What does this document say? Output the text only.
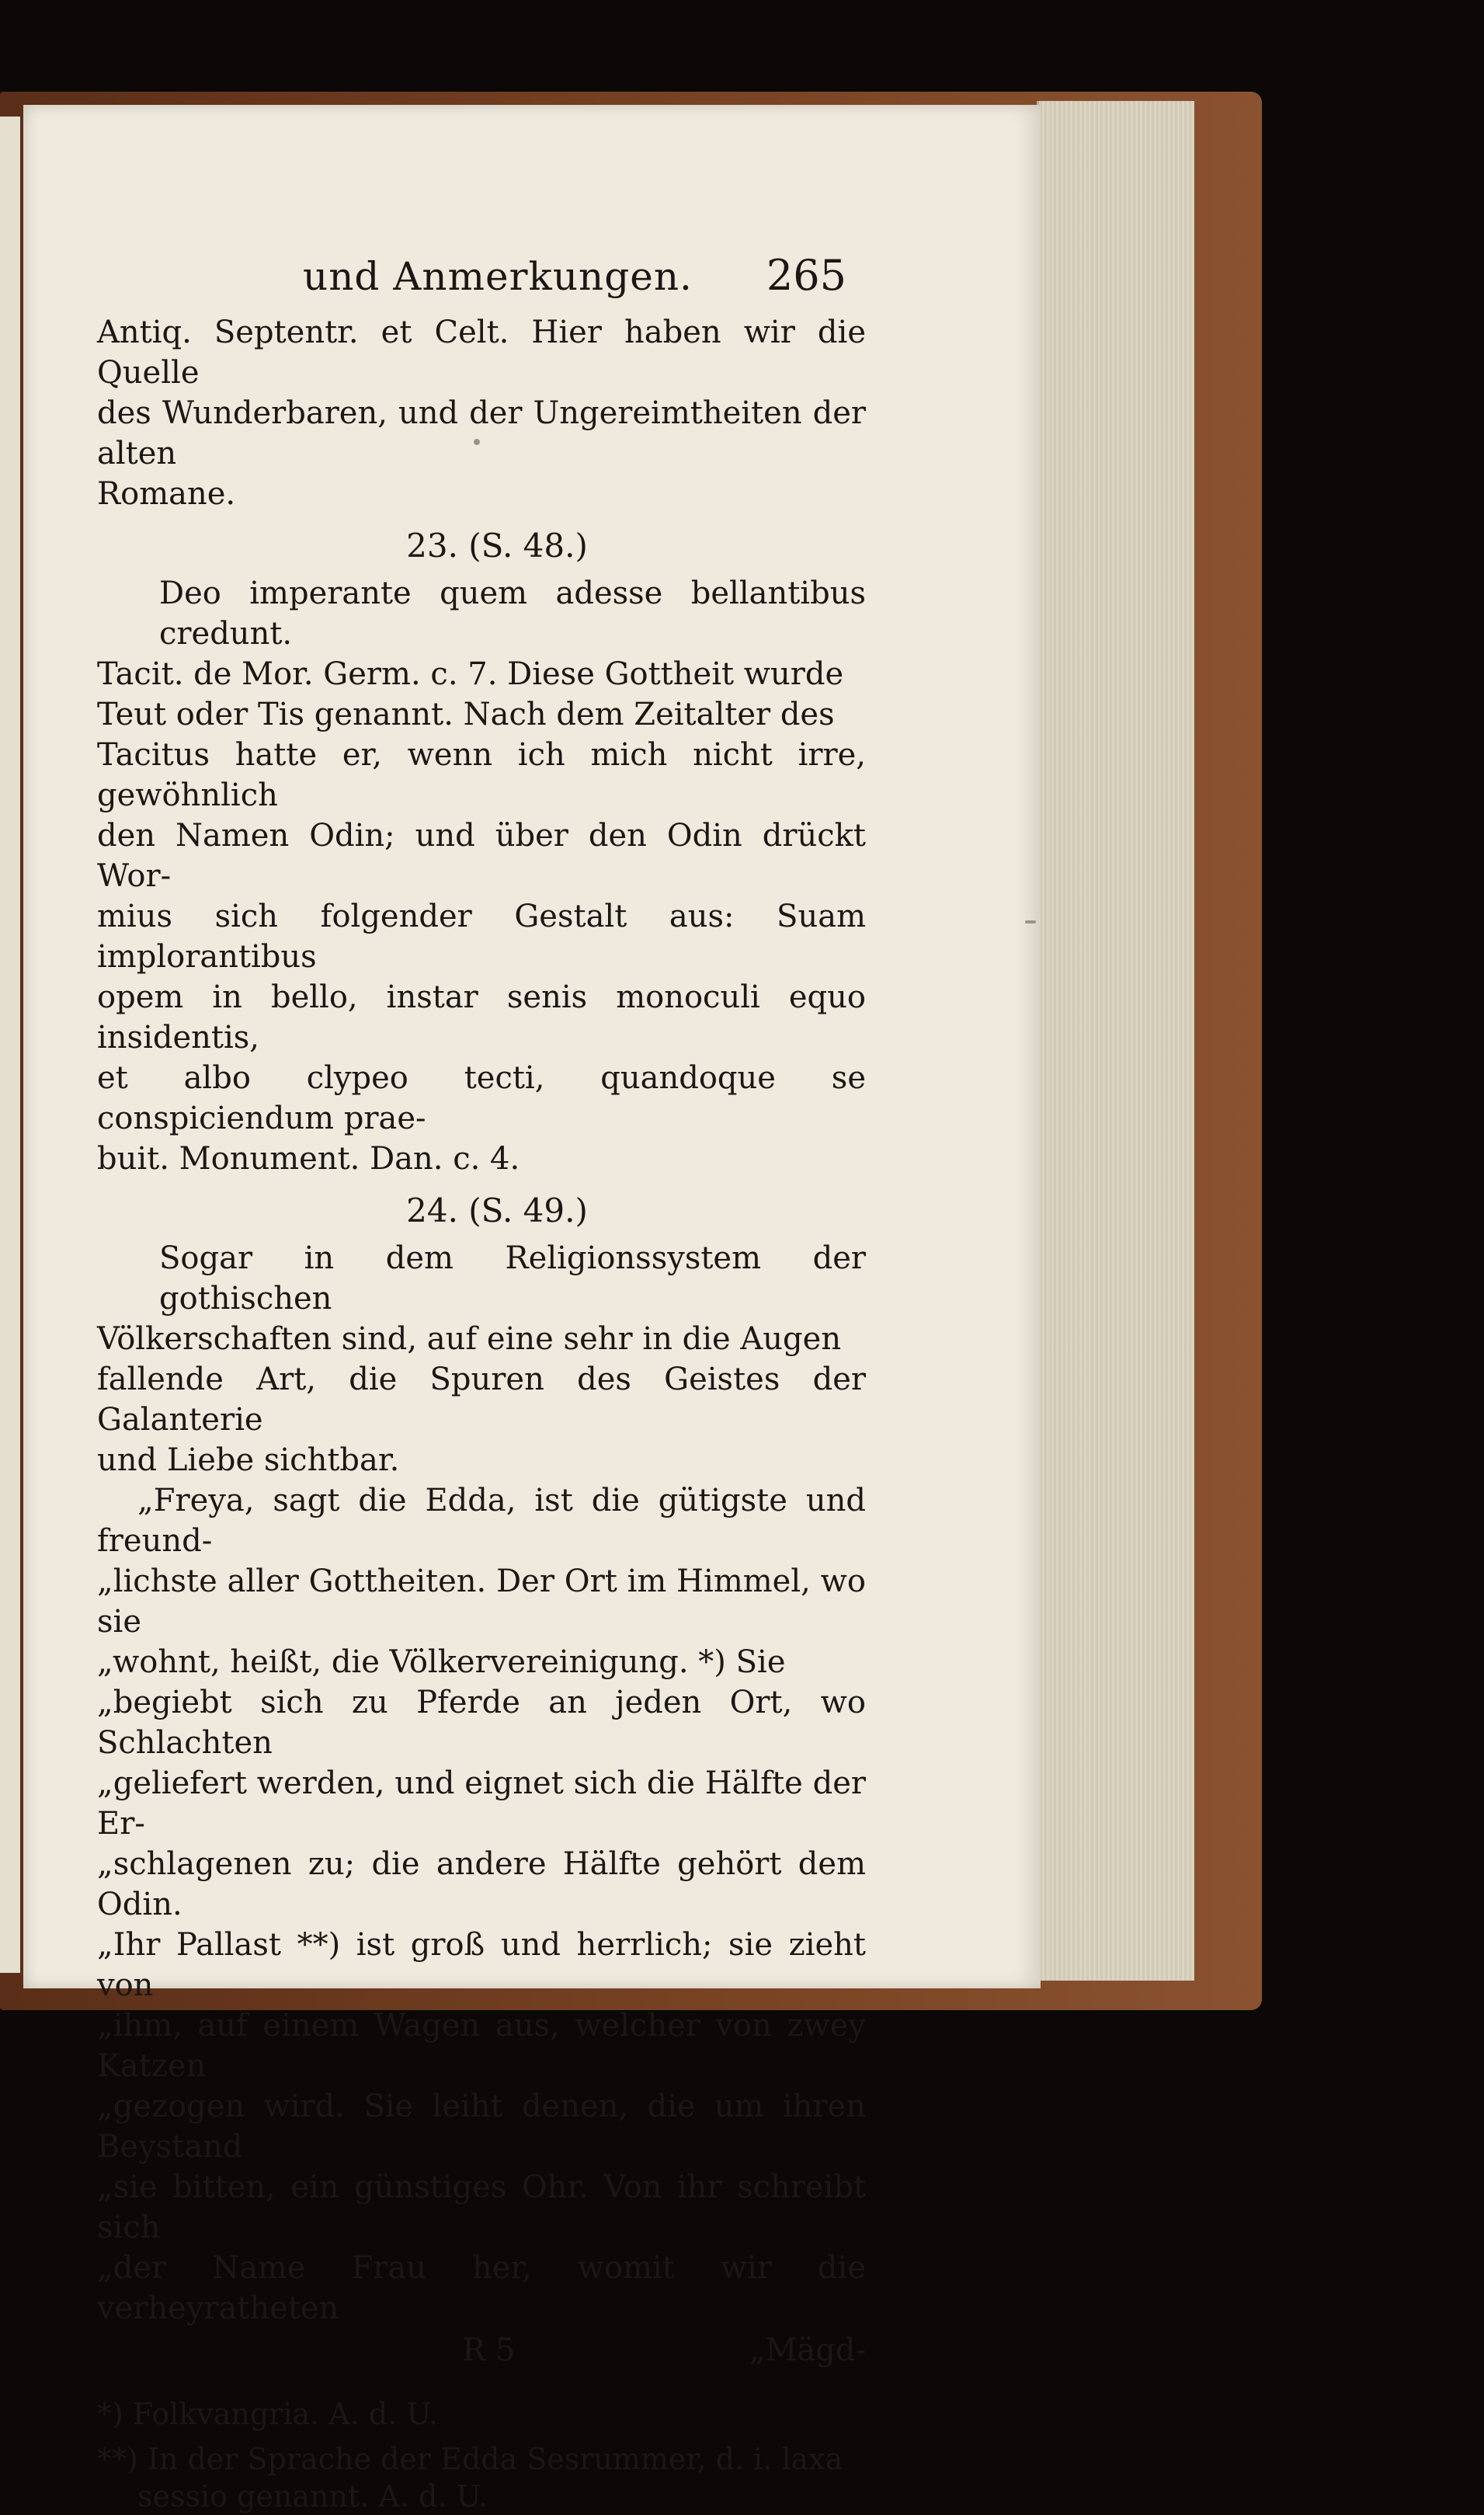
und Anmerkungen. 265
Antiq. Septentr. et Celt. Hier haben wir die Quelle
des Wunderbaren, und der Ungereimtheiten der alten
Romane.
23. (S. 48.)
Deo imperante quem adesse bellantibus credunt.
Tacit. de Mor. Germ. c. 7. Diese Gottheit wurde
Teut oder Tis genannt. Nach dem Zeitalter des
Tacitus hatte er, wenn ich mich nicht irre, gewöhnlich
den Namen Odin; und über den Odin drückt Wor-
mius sich folgender Gestalt aus: Suam implorantibus
opem in bello, instar senis monoculi equo insidentis,
et albo clypeo tecti, quandoque se conspiciendum prae-
buit. Monument. Dan. c. 4.
24. (S. 49.)
Sogar in dem Religionssystem der gothischen
Völkerschaften sind, auf eine sehr in die Augen
fallende Art, die Spuren des Geistes der Galanterie
und Liebe sichtbar.

„Freya, sagt die Edda, ist die gütigste und freund-

„lichste aller Gottheiten. Der Ort im Himmel, wo sie

„wohnt, heißt, die Völkervereinigung. *) Sie

„begiebt sich zu Pferde an jeden Ort, wo Schlachten

„geliefert werden, und eignet sich die Hälfte der Er-

„schlagenen zu; die andere Hälfte gehört dem Odin.

„Ihr Pallast **) ist groß und herrlich; sie zieht von

„ihm, auf einem Wagen aus, welcher von zwey Katzen

„gezogen wird. Sie leiht denen, die um ihren Beystand

„sie bitten, ein günstiges Ohr. Von ihr schreibt sich

„der Name Frau her, womit wir die verheyratheten

R 5	„Mägd-

*) Folkvangria. A. d. U.

**) In der Sprache der Edda Sesrummer, d. i. laxa

sessio genannt. A. d. U.
